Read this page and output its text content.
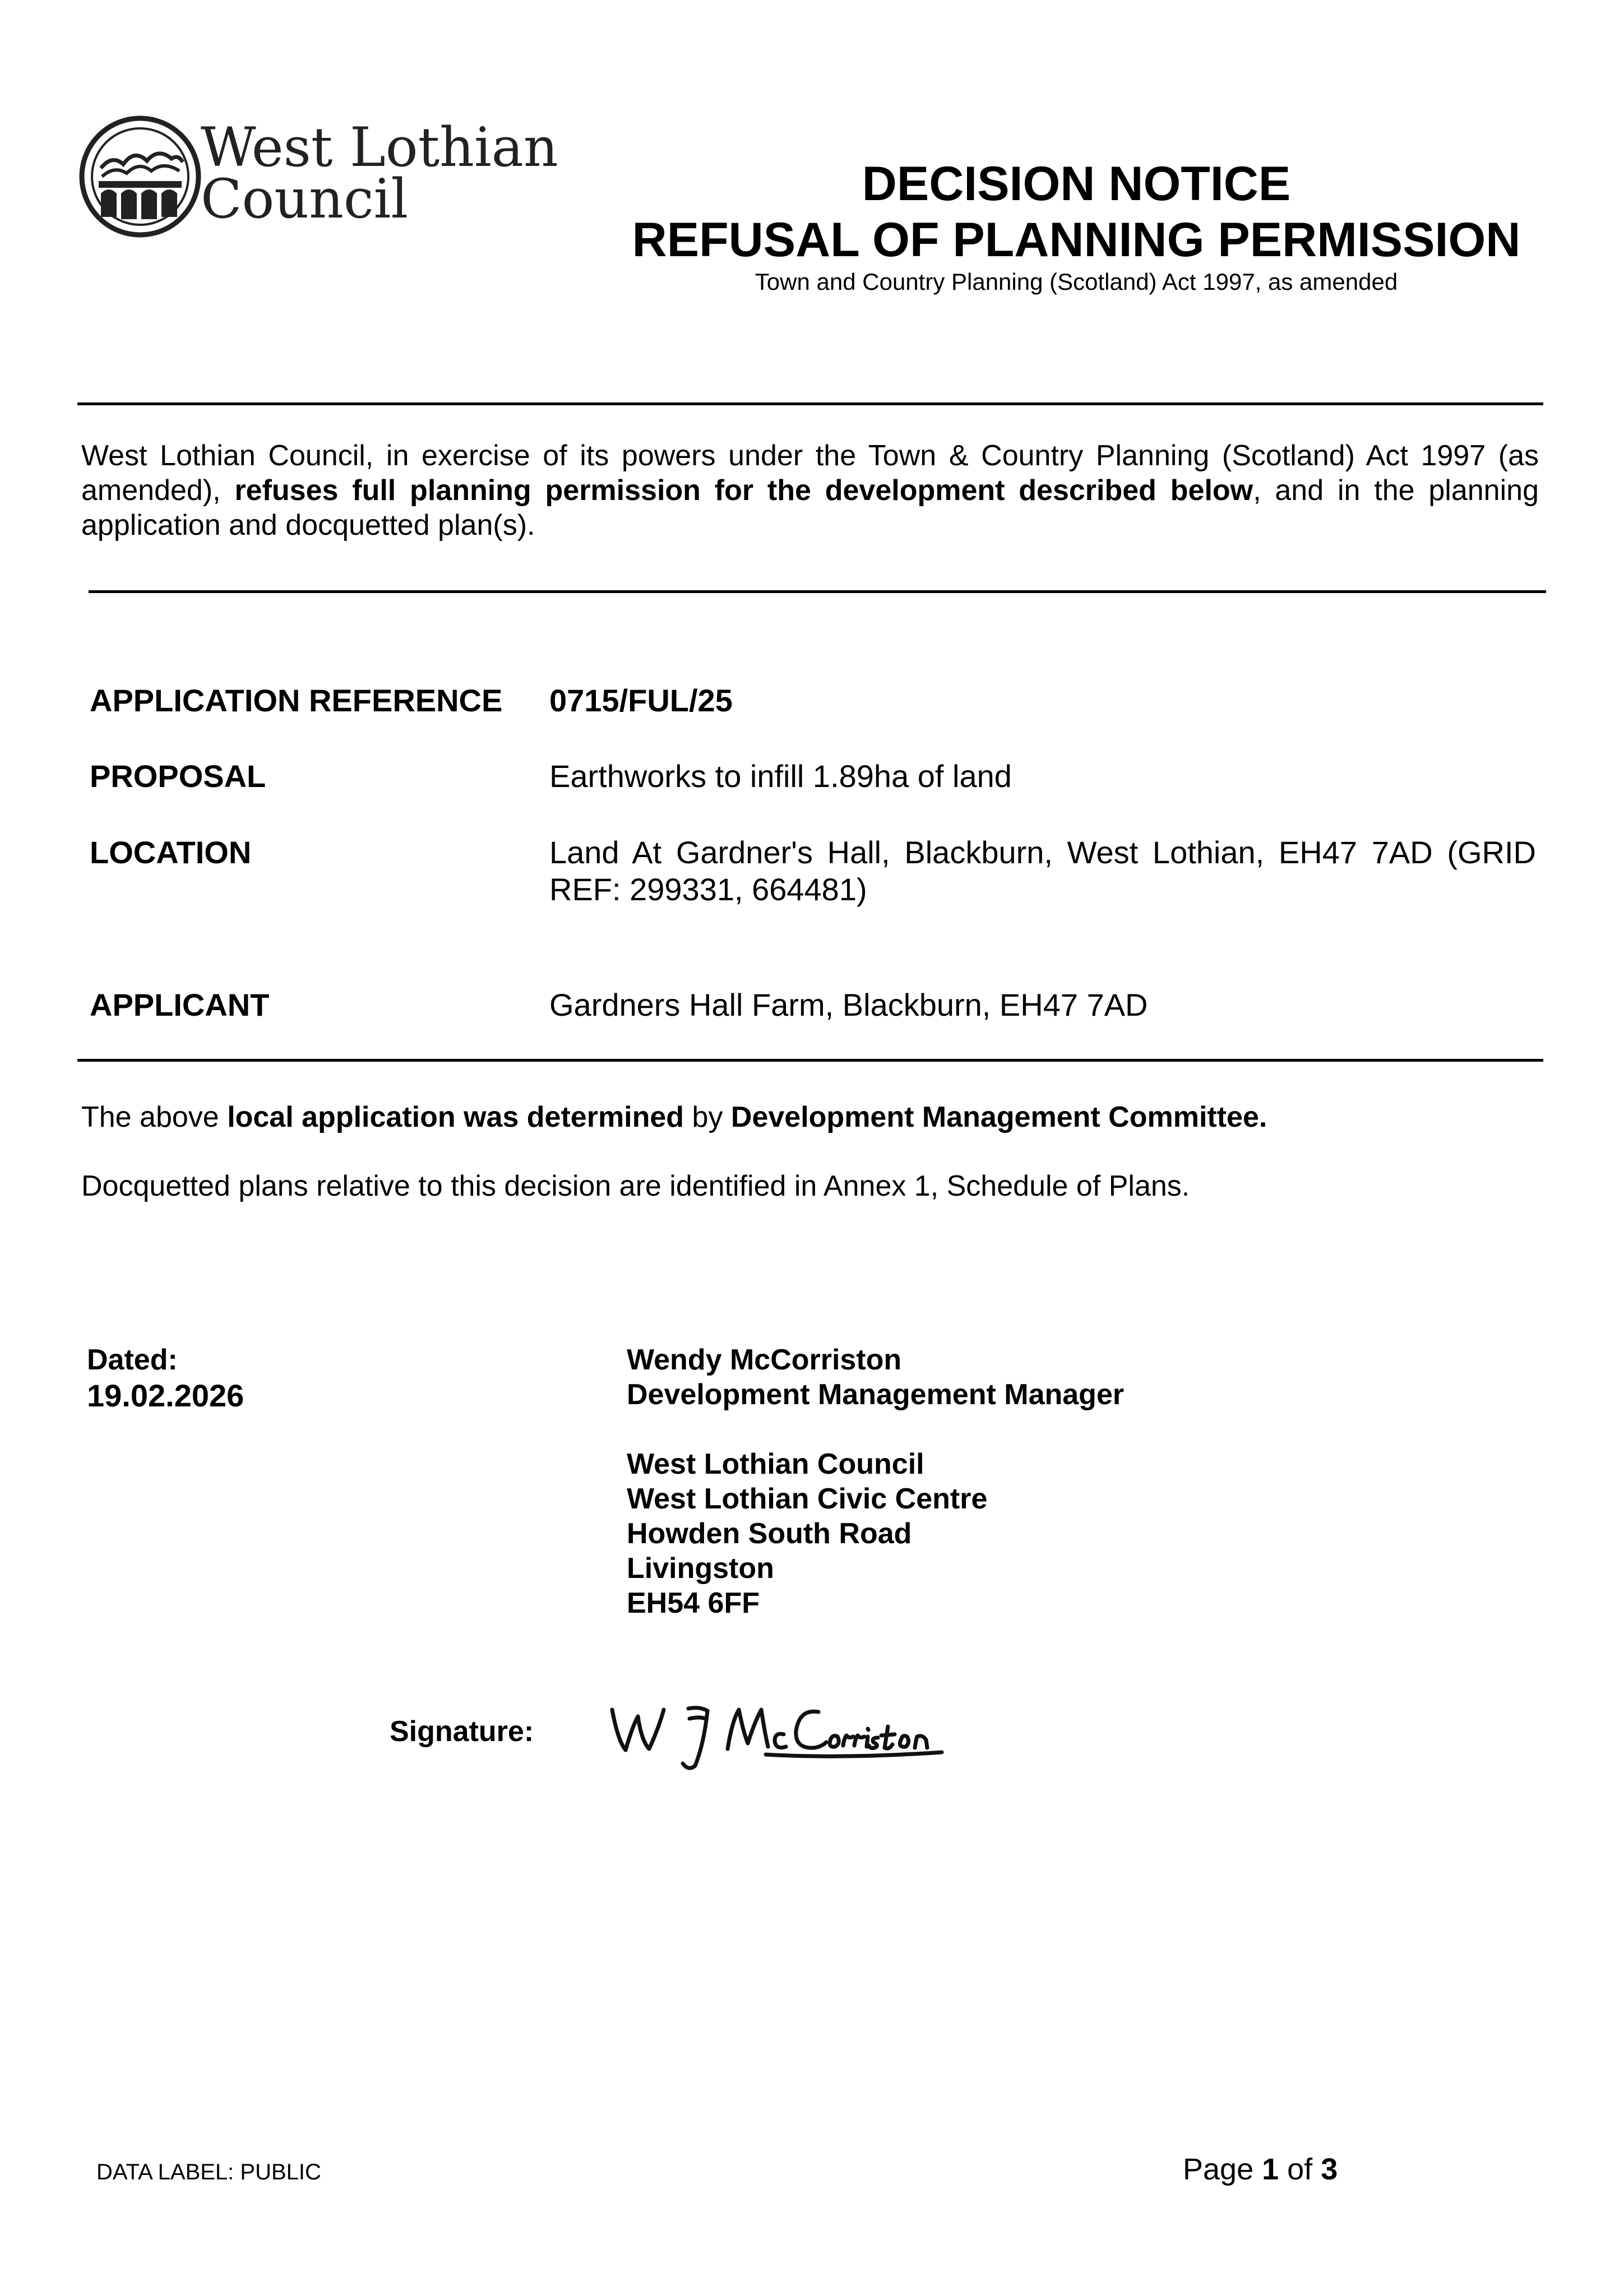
West Lothian
Council	DECISION NOTICE
REFUSAL OF PLANNING PERMISSION
Town and Country Planning (Scotland) Act 1997, as amended
West Lothian Council, in exercise of its powers under the Town & Country Planning (Scotland) Act 1997 (as amended), refuses full planning permission for the development described below, and in the planning application and docquetted plan(s).
APPLICATION REFERENCE 0715/FUL/25
PROPOSAL	Earthworks to infill 1.89ha of land
LOCATION	Land At Gardner's Hall, Blackburn, West Lothian, EH47 7AD (GRID REF: 299331, 664481)
APPLICANT	Gardners Hall Farm, Blackburn, EH47 7AD
The above local application was determined by Development Management Committee.
Docquetted plans relative to this decision are identified in Annex 1, Schedule of Plans.
Dated:
19.02.2026
Wendy McCorriston
Development Management Manager
West Lothian Council
West Lothian Civic Centre
Howden South Road
Livingston
EH54 6FF
Signature:
DATA LABEL: PUBLIC	Page 1 of 3
